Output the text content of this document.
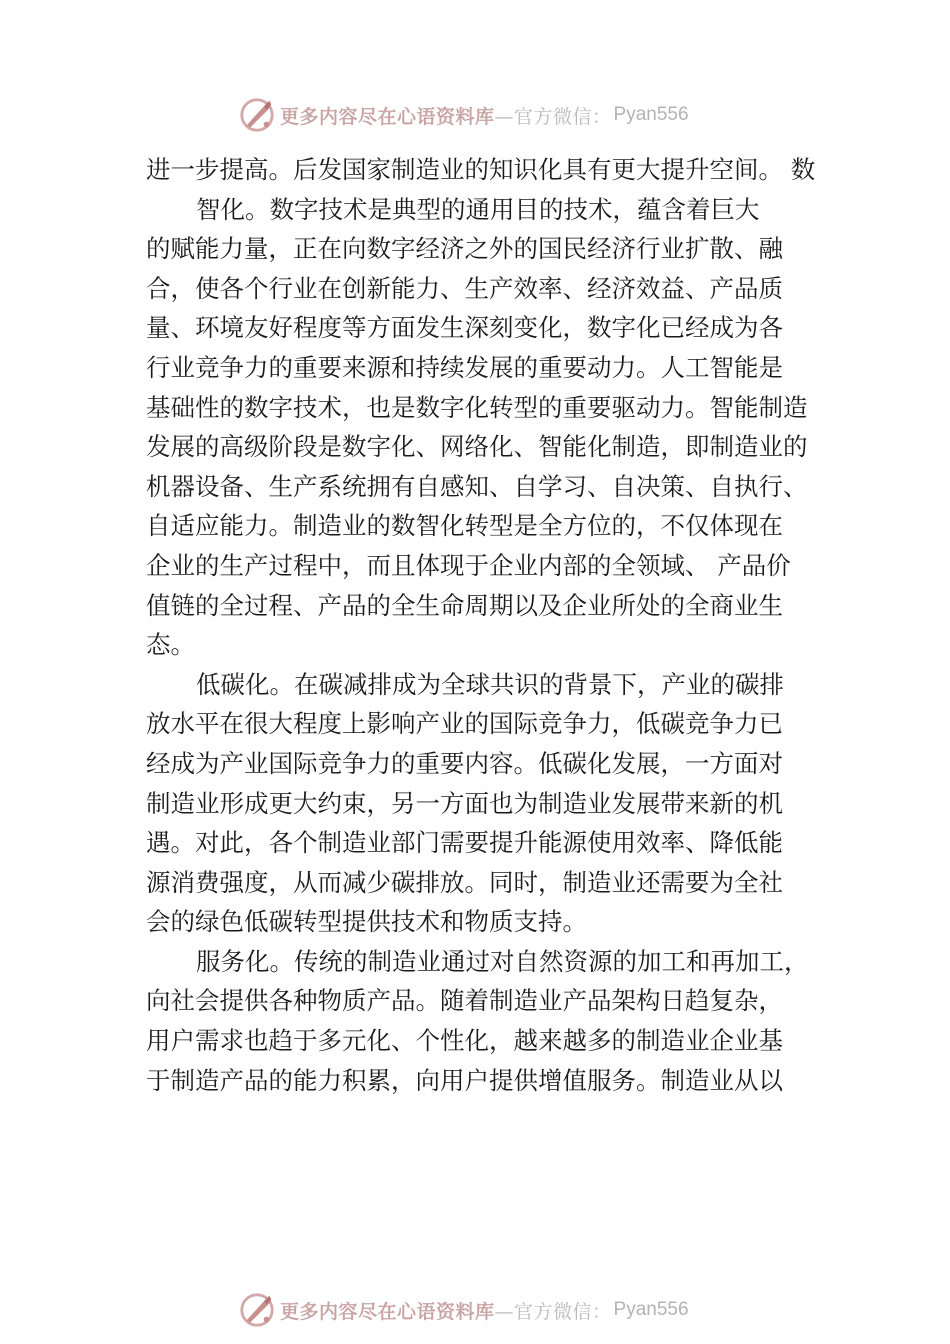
更多内容尽在心语资料库 —官方微信： Pyan556
进一步提高。后发国家制造业的知识化具有更大提升空间。 数
智化。数字技术是典型的通用目的技术，蕴含着巨大
的赋能力量，正在向数字经济之外的国民经济行业扩散、融
合，使各个行业在创新能力、生产效率、经济效益、产品质
量、环境友好程度等方面发生深刻变化，数字化已经成为各
行业竞争力的重要来源和持续发展的重要动力。人工智能是
基础性的数字技术，也是数字化转型的重要驱动力。智能制造
发展的高级阶段是数字化、网络化、智能化制造，即制造业的
机器设备、生产系统拥有自感知、自学习、自决策、自执行、
自适应能力。制造业的数智化转型是全方位的，不仅体现在
企业的生产过程中，而且体现于企业内部的全领域、 产品价
值链的全过程、产品的全生命周期以及企业所处的全商业生
态。
低碳化。在碳减排成为全球共识的背景下，产业的碳排
放水平在很大程度上影响产业的国际竞争力，低碳竞争力已
经成为产业国际竞争力的重要内容。低碳化发展，一方面对
制造业形成更大约束，另一方面也为制造业发展带来新的机
遇。对此，各个制造业部门需要提升能源使用效率、降低能
源消费强度，从而减少碳排放。同时，制造业还需要为全社
会的绿色低碳转型提供技术和物质支持。
服务化。传统的制造业通过对自然资源的加工和再加工，
向社会提供各种物质产品。随着制造业产品架构日趋复杂，
用户需求也趋于多元化、个性化，越来越多的制造业企业基
于制造产品的能力积累，向用户提供增值服务。制造业从以
更多内容尽在心语资料库 —官方微信： Pyan556
